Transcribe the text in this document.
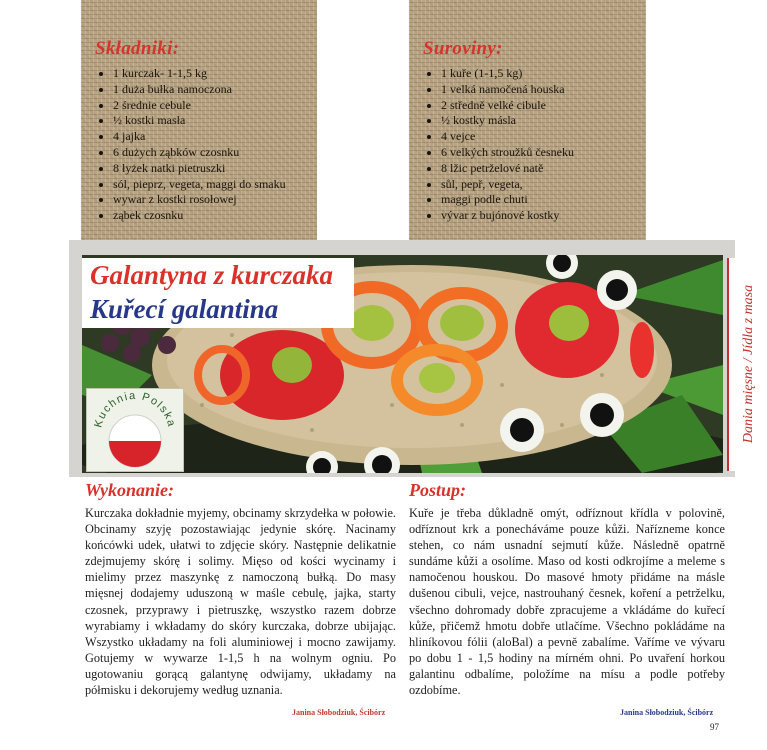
Składniki:
• 1 kurczak- 1-1,5 kg
• 1 duża bułka namoczona
• 2 średnie cebule
• ½ kostki masła
• 4 jajka
• 6 dużych ząbków czosnku
• 8 łyżek natki pietruszki
• sól, pieprz, vegeta, maggi do smaku
• wywar z kostki rosołowej
• ząbek czosnku
Suroviny:
• 1 kuře (1-1,5 kg)
• 1 velká namočená houska
• 2 středně velké cibule
• ½ kostky másla
• 4 vejce
• 6 velkých stroužků česneku
• 8 lžic petrželové natě
• sůl, pepř, vegeta,
• maggi podle chuti
• vývar z bujónové kostky
Galantyna z kurczaka
Kuřecí galantina
Kuchnia Polska	Dania mięsne / Jídla z masa
Wykonanie:

Kurczaka dokładnie myjemy, obcinamy skrzydełka w połowie. Obcinamy szyję pozostawiając jedynie skórę. Nacinamy końcówki udek, ułatwi to zdjęcie skóry. Następnie delikatnie zdejmujemy skórę i solimy. Mięso od kości wycinamy i mielimy przez maszynkę z namoczoną bułką. Do masy mięsnej dodajemy uduszoną w maśle cebulę, jajka, starty czosnek, przyprawy i pietruszkę, wszystko razem dobrze wyrabiamy i wkładamy do skóry kurczaka, dobrze ubijając. Wszystko układamy na foli aluminiowej i mocno zawijamy. Gotujemy w wywarze 1-1,5 h na wolnym ogniu. Po ugotowaniu gorącą galantynę odwijamy, układamy na półmisku i dekorujemy według uznania.

Janina Słobodziuk, Ścibórz

Postup:

Kuře je třeba důkladně omýt, odříznout křídla v polovině, odříznout krk a ponecháváme pouze kůži. Nařízneme konce stehen, co nám usnadní sejmutí kůže. Následně opatrně sundáme kůži a osolíme. Maso od kosti odkrojíme a meleme s namočenou houskou. Do masové hmoty přidáme na másle dušenou cibuli, vejce, nastrouhaný česnek, koření a petrželku, všechno dohromady dobře zpracujeme a vkládáme do kuřecí kůže, přičemž hmotu dobře utlačíme. Všechno pokládáme na hliníkovou fólii (aloBal) a pevně zabalíme. Vaříme ve vývaru po dobu 1 - 1,5 hodiny na mírném ohni. Po uvaření horkou galantinu odbalíme, položíme na mísu a podle potřeby ozdobíme.

Janina Słobodziuk, Ścibórz

97
